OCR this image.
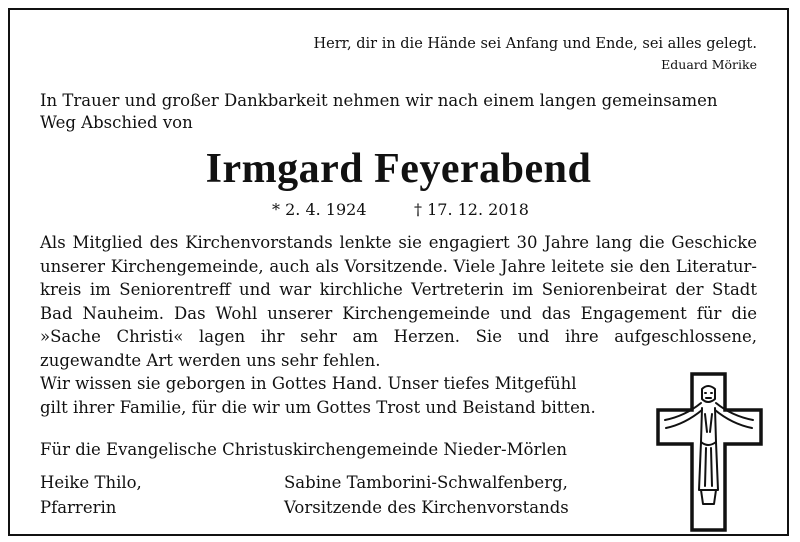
Herr, dir in die Hände sei Anfang und Ende, sei alles gelegt.
Eduard Mörike
In Trauer und großer Dankbarkeit nehmen wir nach einem langen gemeinsamen Weg Abschied von
Irmgard Feyerabend
* 2. 4. 1924	† 17. 12. 2018
Als Mitglied des Kirchenvorstands lenkte sie engagiert 30 Jahre lang die Geschicke unserer Kirchengemeinde, auch als Vorsitzende. Viele Jahre leitete sie den Literaturkreis im Seniorentreff und war kirchliche Vertreterin im Seniorenbeirat der Stadt Bad Nauheim. Das Wohl unserer Kirchengemeinde und das Engagement für die »Sache Christi« lagen ihr sehr am Herzen. Sie und ihre aufgeschlossene, zugewandte Art werden uns sehr fehlen.
Wir wissen sie geborgen in Gottes Hand. Unser tiefes Mitgefühl gilt ihrer Familie, für die wir um Gottes Trost und Beistand bitten.
Für die Evangelische Christuskirchengemeinde Nieder-Mörlen
Heike Thilo,
Pfarrerin
Sabine Tamborini-Schwalfenberg,
Vorsitzende des Kirchenvorstands
